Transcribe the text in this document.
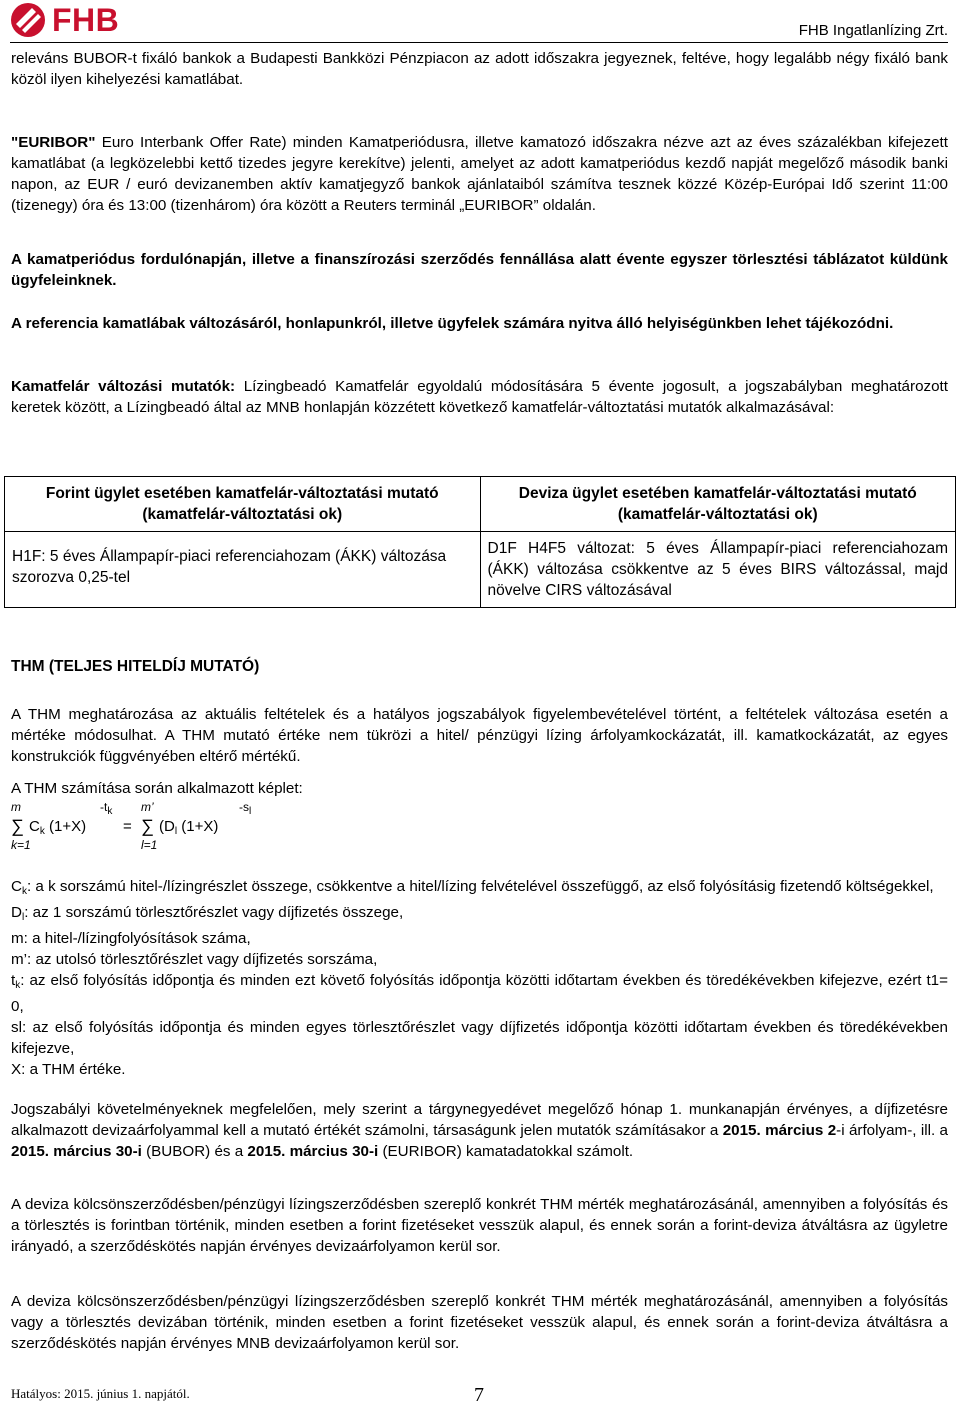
FHB	FHB Ingatlanlízing Zrt.
releváns BUBOR-t fixáló bankok a Budapesti Bankközi Pénzpiacon az adott időszakra jegyeznek, feltéve, hogy legalább négy fixáló bank közöl ilyen kihelyezési kamatlábat.
"EURIBOR" Euro Interbank Offer Rate) minden Kamatperiódusra, illetve kamatozó időszakra nézve azt az éves százalékban kifejezett kamatlábat (a legközelebbi kettő tizedes jegyre kerekítve) jelenti, amelyet az adott kamatperiódus kezdő napját megelőző második banki napon, az EUR / euró devizanemben aktív kamatjegyző bankok ajánlataiból számítva tesznek közzé Közép-Európai Idő szerint 11:00 (tizenegy) óra és 13:00 (tizenhárom) óra között a Reuters terminál „EURIBOR” oldalán.
A kamatperiódus fordulónapján, illetve a finanszírozási szerződés fennállása alatt évente egyszer törlesztési táblázatot küldünk ügyfeleinknek.
A referencia kamatlábak változásáról, honlapunkról, illetve ügyfelek számára nyitva álló helyiségünkben lehet tájékozódni.
Kamatfelár változási mutatók: Lízingbeadó Kamatfelár egyoldalú módosítására 5 évente jogosult, a jogszabályban meghatározott keretek között, a Lízingbeadó által az MNB honlapján közzétett következő kamatfelár-változtatási mutatók alkalmazásával:
Forint ügylet esetében kamatfelár-változtatási mutató (kamatfelár-változtatási ok)	Deviza ügylet esetében kamatfelár-változtatási mutató (kamatfelár-változtatási ok)
H1F: 5 éves Állampapír-piaci referenciahozam (ÁKK) változása szorozva 0,25-tel	D1F H4F5 változat: 5 éves Állampapír-piaci referenciahozam (ÁKK) változása csökkentve az 5 éves BIRS változással, majd növelve CIRS változásával
THM (TELJES HITELDÍJ MUTATÓ)
A THM meghatározása az aktuális feltételek és a hatályos jogszabályok figyelembevételével történt, a feltételek változása esetén a mértéke módosulhat. A THM mutató értéke nem tükrözi a hitel/ pénzügyi lízing árfolyamkockázatát, ill. kamatkockázatát, az egyes konstrukciók függvényében eltérő mértékű.
A THM számítása során alkalmazott képlet:
m	$-t_k$ m’	$-s_l$
∑ $C_k$ (1+X) = ∑ ($D_l$ (1+X)
k=1	l=1
$C_k$: a k sorszámú hitel-/lízingrészlet összege, csökkentve a hitel/lízing felvételével összefüggő, az első folyósításig fizetendő költségekkel,
$D_l$: az 1 sorszámú törlesztőrészlet vagy díjfizetés összege,
m: a hitel-/lízingfolyósítások száma,
m’: az utolsó törlesztőrészlet vagy díjfizetés sorszáma,
$t_k$: az első folyósítás időpontja és minden ezt követő folyósítás időpontja közötti időtartam években és töredékévekben kifejezve, ezért t1= 0,
sl: az első folyósítás időpontja és minden egyes törlesztőrészlet vagy díjfizetés időpontja közötti időtartam években és töredékévekben kifejezve,
X: a THM értéke.
Jogszabályi követelményeknek megfelelően, mely szerint a tárgynegyedévet megelőző hónap 1. munkanapján érvényes, a díjfizetésre alkalmazott devizaárfolyammal kell a mutató értékét számolni, társaságunk jelen mutatók számításakor a 2015. március 2-i árfolyam-, ill. a 2015. március 30-i (BUBOR) és a 2015. március 30-i (EURIBOR) kamatadatokkal számolt.
A deviza kölcsönszerződésben/pénzügyi lízingszerződésben szereplő konkrét THM mérték meghatározásánál, amennyiben a folyósítás és a törlesztés is forintban történik, minden esetben a forint fizetéseket vesszük alapul, és ennek során a forint-deviza átváltásra az ügyletre irányadó, a szerződéskötés napján érvényes devizaárfolyamon kerül sor.
A deviza kölcsönszerződésben/pénzügyi lízingszerződésben szereplő konkrét THM mérték meghatározásánál, amennyiben a folyósítás vagy a törlesztés devizában történik, minden esetben a forint fizetéseket vesszük alapul, és ennek során a forint-deviza átváltásra a szerződéskötés napján érvényes MNB devizaárfolyamon kerül sor.
Hatályos: 2015. június 1. napjától.	7
